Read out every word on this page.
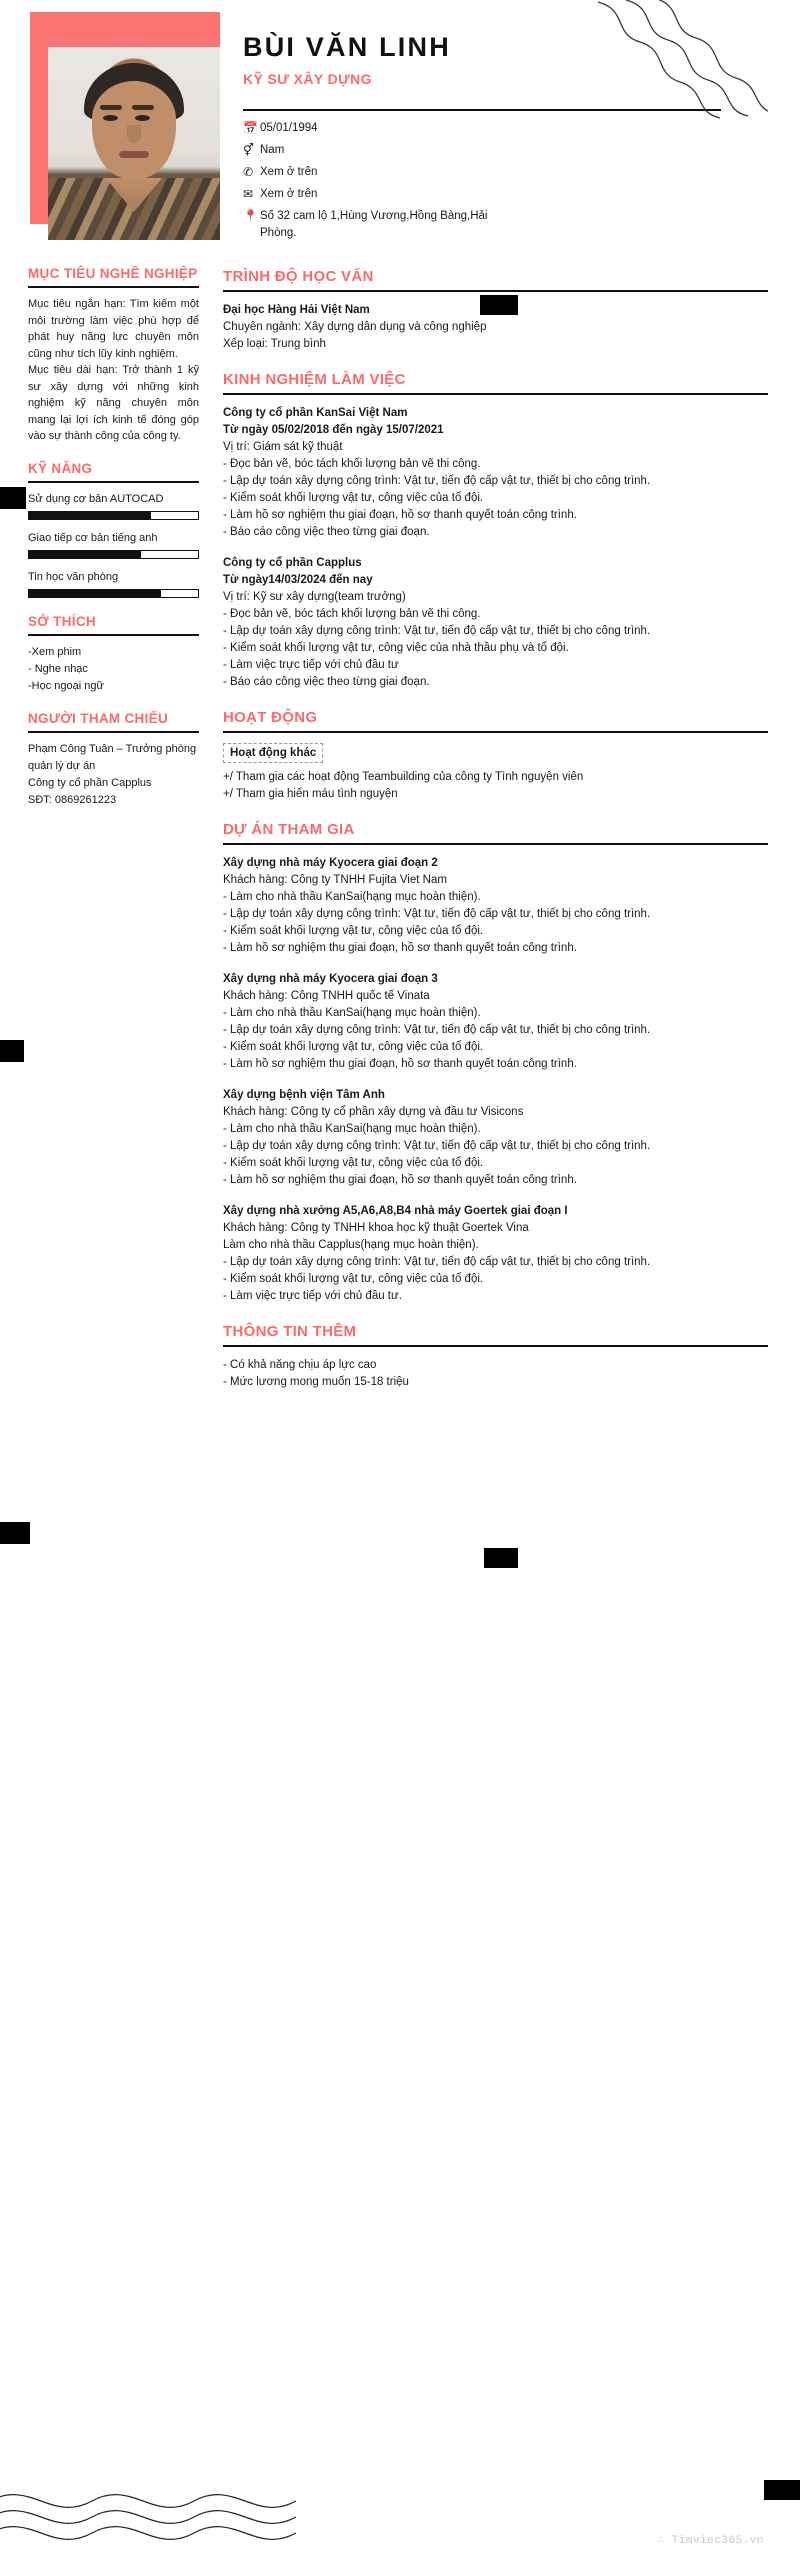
BÙI VĂN LINH
KỸ SƯ XÂY DỰNG
📅 05/01/1994
⚥ Nam
✆ Xem ở trên
✉ Xem ở trên
📍 Số 32 cam lộ 1,Hùng Vương,Hồng Bàng,Hải Phòng.
MỤC TIÊU NGHỀ NGHIỆP
Mục tiêu ngắn hạn: Tìm kiếm một môi trường làm việc phù hợp để phát huy năng lực chuyên môn cũng như tích lũy kinh nghiệm.
Mục tiêu dài hạn: Trở thành 1 kỹ sư xây dựng với những kinh nghiệm kỹ năng chuyên môn mang lại lợi ích kinh tế đóng góp vào sự thành công của công ty.
KỸ NĂNG
Sử dụng cơ bản AUTOCAD
Giao tiếp cơ bản tiếng anh
Tin học văn phòng
SỞ THÍCH
-Xem phim
- Nghe nhạc
-Học ngoại ngữ
NGƯỜI THAM CHIẾU
Phạm Công Tuân – Trưởng phòng quản lý dự án
Công ty cổ phần Capplus
SĐT: 0869261223
TRÌNH ĐỘ HỌC VẤN
Đại học Hàng Hải Việt Nam
Chuyên ngành: Xây dựng dân dụng và công nghiệp
Xếp loại: Trung bình
KINH NGHIỆM LÀM VIỆC
Công ty cổ phần KanSai Việt Nam
Từ ngày 05/02/2018 đến ngày 15/07/2021
Vị trí: Giám sát kỹ thuật
- Đọc bản vẽ, bóc tách khối lượng bản vẽ thi công.
- Lập dự toán xây dựng công trình: Vật tư, tiến độ cấp vật tư, thiết bị cho công trình.
- Kiểm soát khối lượng vật tư, công việc của tổ đội.
- Làm hồ sơ nghiệm thu giai đoạn, hồ sơ thanh quyết toán công trình.
- Báo cáo công việc theo từng giai đoạn.
Công ty cổ phần Capplus
Từ ngày14/03/2024 đến nay
Vị trí: Kỹ sư xây dựng(team trưởng)
- Đọc bản vẽ, bóc tách khối lượng bản vẽ thi công.
- Lập dự toán xây dựng công trình: Vật tư, tiến độ cấp vật tư, thiết bị cho công trình.
- Kiểm soát khối lượng vật tư, công việc của nhà thầu phụ và tổ đội.
- Làm việc trực tiếp với chủ đầu tư
- Báo cáo công việc theo từng giai đoạn.
HOẠT ĐỘNG
Hoạt động khác
+/ Tham gia các hoạt động Teambuilding của công ty Tình nguyện viên
+/ Tham gia hiến máu tình nguyện
DỰ ÁN THAM GIA
Xây dựng nhà máy Kyocera giai đoạn 2
Khách hàng: Công ty TNHH Fujita Viet Nam
- Làm cho nhà thầu KanSai(hạng mục hoàn thiện).
- Lập dự toán xây dựng công trình: Vật tư, tiến độ cấp vật tư, thiết bị cho công trình.
- Kiểm soát khối lượng vật tư, công việc của tổ đội.
- Làm hồ sơ nghiệm thu giai đoạn, hồ sơ thanh quyết toán công trình.
Xây dựng nhà máy Kyocera giai đoạn 3
Khách hàng: Công TNHH quốc tế Vinata
- Làm cho nhà thầu KanSai(hạng mục hoàn thiện).
- Lập dự toán xây dựng công trình: Vật tư, tiến độ cấp vật tư, thiết bị cho công trình.
- Kiểm soát khối lượng vật tư, công việc của tổ đội.
- Làm hồ sơ nghiệm thu giai đoạn, hồ sơ thanh quyết toán công trình.
Xây dựng bệnh viện Tâm Anh
Khách hàng: Công ty cổ phần xây dựng và đầu tư Visicons
- Làm cho nhà thầu KanSai(hạng mục hoàn thiện).
- Lập dự toán xây dựng công trình: Vật tư, tiến độ cấp vật tư, thiết bị cho công trình.
- Kiểm soát khối lượng vật tư, công việc của tổ đội.
- Làm hồ sơ nghiệm thu giai đoạn, hồ sơ thanh quyết toán công trình.
Xây dựng nhà xưởng A5,A6,A8,B4 nhà máy Goertek giai đoạn I
Khách hàng: Công ty TNHH khoa học kỹ thuật Goertek Vina
Làm cho nhà thầu Capplus(hạng mục hoàn thiện).
- Lập dự toán xây dựng công trình: Vật tư, tiến độ cấp vật tư, thiết bị cho công trình.
- Kiểm soát khối lượng vật tư, công việc của tổ đội.
- Làm việc trực tiếp với chủ đầu tư.
THÔNG TIN THÊM
- Có khả năng chịu áp lực cao
- Mức lương mong muốn 15-18 triệu
∴ Timviec365.vn
